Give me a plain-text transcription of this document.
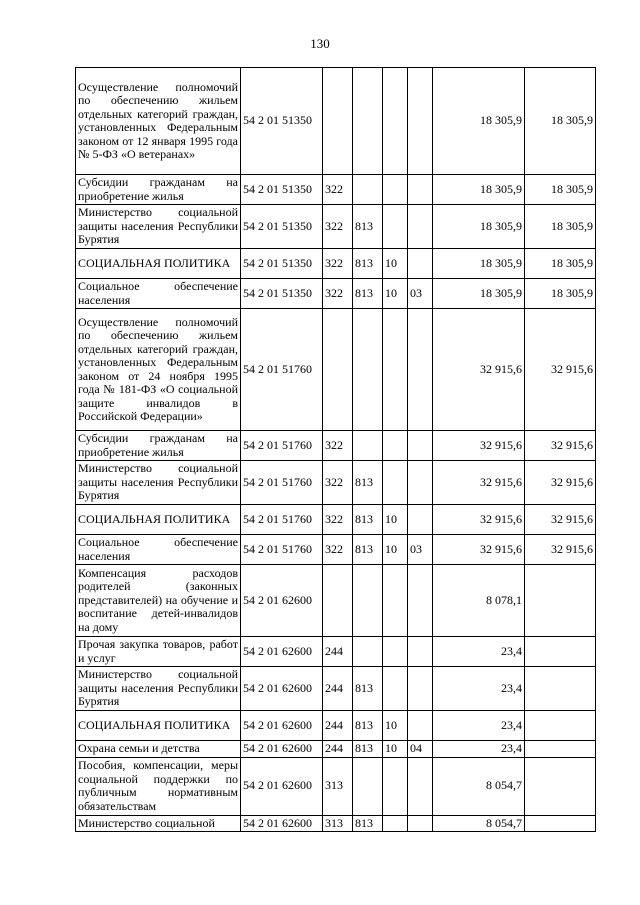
130
Осуществление полномочий по обеспечению жильем отдельных категорий граждан, установленных Федеральным законом от 12 января 1995 года № 5-ФЗ «О ветеранах»	54 2 01 51350					18 305,9	18 305,9
Субсидии гражданам на приобретение жилья	54 2 01 51350	322				18 305,9	18 305,9
Министерство социальной защиты населения Республики Бурятия	54 2 01 51350	322	813			18 305,9	18 305,9
СОЦИАЛЬНАЯ ПОЛИТИКА	54 2 01 51350	322	813	10		18 305,9	18 305,9
Социальное обеспечение населения	54 2 01 51350	322	813	10	03	18 305,9	18 305,9
Осуществление полномочий по обеспечению жильем отдельных категорий граждан, установленных Федеральным законом от 24 ноября 1995 года № 181-ФЗ «О социальной защите инвалидов в Российской Федерации»	54 2 01 51760					32 915,6	32 915,6
Субсидии гражданам на приобретение жилья	54 2 01 51760	322				32 915,6	32 915,6
Министерство социальной защиты населения Республики Бурятия	54 2 01 51760	322	813			32 915,6	32 915,6
СОЦИАЛЬНАЯ ПОЛИТИКА	54 2 01 51760	322	813	10		32 915,6	32 915,6
Социальное обеспечение населения	54 2 01 51760	322	813	10	03	32 915,6	32 915,6
Компенсация расходов родителей (законных представителей) на обучение и воспитание детей-инвалидов на дому	54 2 01 62600					8 078,1	
Прочая закупка товаров, работ и услуг	54 2 01 62600	244				23,4	
Министерство социальной защиты населения Республики Бурятия	54 2 01 62600	244	813			23,4	
СОЦИАЛЬНАЯ ПОЛИТИКА	54 2 01 62600	244	813	10		23,4	
Охрана семьи и детства	54 2 01 62600	244	813	10	04	23,4	
Пособия, компенсации, меры социальной поддержки по публичным нормативным обязательствам	54 2 01 62600	313				8 054,7	
Министерство социальной	54 2 01 62600	313	813			8 054,7	
